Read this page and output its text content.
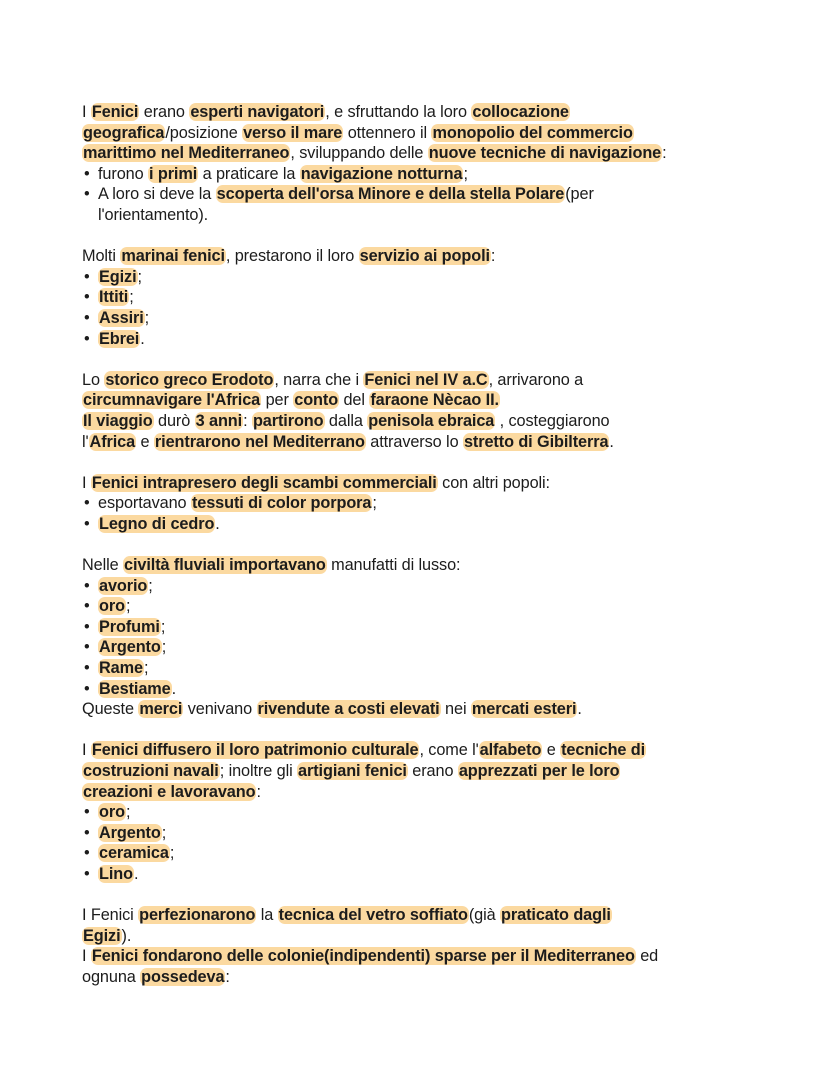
I Fenici erano esperti navigatori, e sfruttando la loro collocazione
geografica/posizione verso il mare ottennero il monopolio del commercio
marittimo nel Mediterraneo, sviluppando delle nuove tecniche di navigazione:
• furono i primi a praticare la navigazione notturna;
• A loro si deve la scoperta dell'orsa Minore e della stella Polare(per
l'orientamento).
Molti marinai fenici, prestarono il loro servizio ai popoli:
• Egizi;
• Ittiti;
• Assiri;
• Ebrei.
Lo storico greco Erodoto, narra che i Fenici nel IV a.C, arrivarono a
circumnavigare l'Africa per conto del faraone Nècao II.
Il viaggio durò 3 anni: partirono dalla penisola ebraica , costeggiarono
l'Africa e rientrarono nel Mediterrano attraverso lo stretto di Gibilterra.
I Fenici intrapresero degli scambi commerciali con altri popoli:
• esportavano tessuti di color porpora;
• Legno di cedro.
Nelle civiltà fluviali importavano manufatti di lusso:
• avorio;
• oro;
• Profumi;
• Argento;
• Rame;
• Bestiame.
Queste merci venivano rivendute a costi elevati nei mercati esteri.
I Fenici diffusero il loro patrimonio culturale, come l'alfabeto e tecniche di
costruzioni navali; inoltre gli artigiani fenici erano apprezzati per le loro
creazioni e lavoravano:
• oro;
• Argento;
• ceramica;
• Lino.
I Fenici perfezionarono la tecnica del vetro soffiato(già praticato dagli
Egizi).
I Fenici fondarono delle colonie(indipendenti) sparse per il Mediterraneo ed
ognuna possedeva:
